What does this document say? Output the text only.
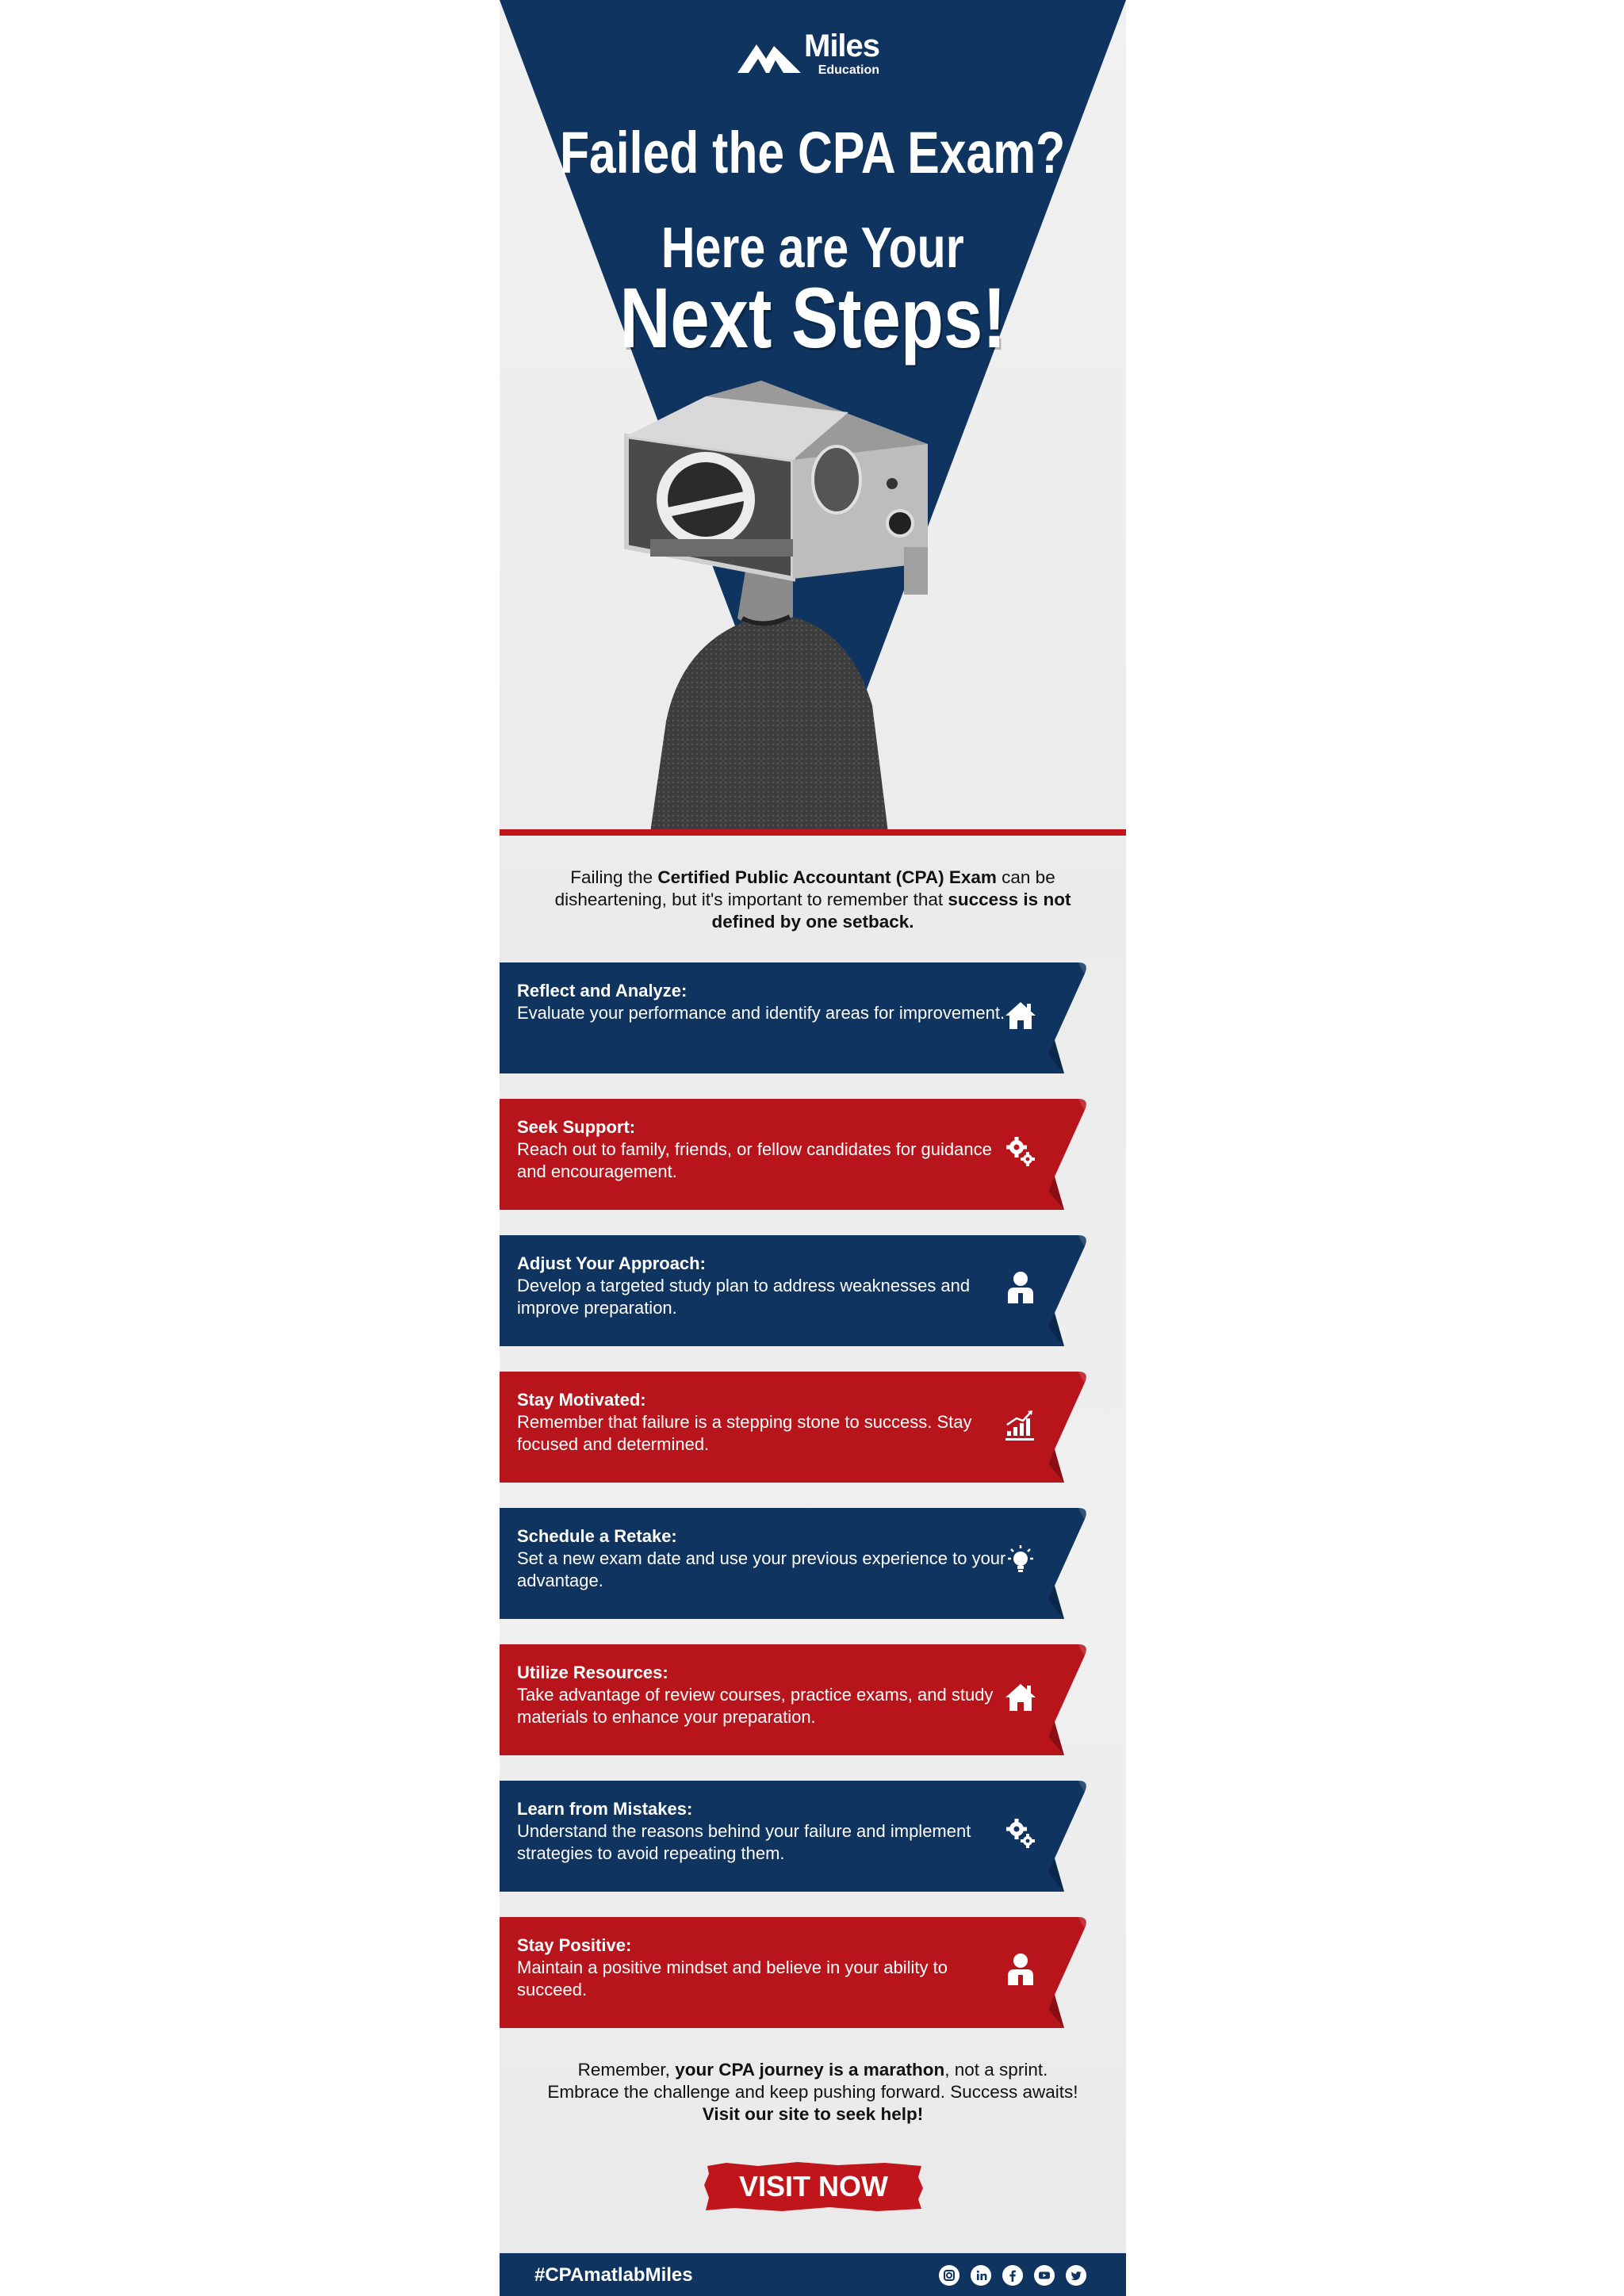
Miles
Education
Failed the CPA Exam?
Here are Your
Next Steps!
Failing the Certified Public Accountant (CPA) Exam can be disheartening, but it's important to remember that success is not defined by one setback.
Reflect and Analyze:
Evaluate your performance and identify areas for improvement.
Seek Support:
Reach out to family, friends, or fellow candidates for guidance and encouragement.
Adjust Your Approach:
Develop a targeted study plan to address weaknesses and improve preparation.
Stay Motivated:
Remember that failure is a stepping stone to success. Stay focused and determined.
Schedule a Retake:
Set a new exam date and use your previous experience to your advantage.
Utilize Resources:
Take advantage of review courses, practice exams, and study materials to enhance your preparation.
Learn from Mistakes:
Understand the reasons behind your failure and implement strategies to avoid repeating them.
Stay Positive:
Maintain a positive mindset and believe in your ability to succeed.
Remember, your CPA journey is a marathon, not a sprint.
Embrace the challenge and keep pushing forward. Success awaits!
Visit our site to seek help!
VISIT NOW
#CPAmatlabMiles
